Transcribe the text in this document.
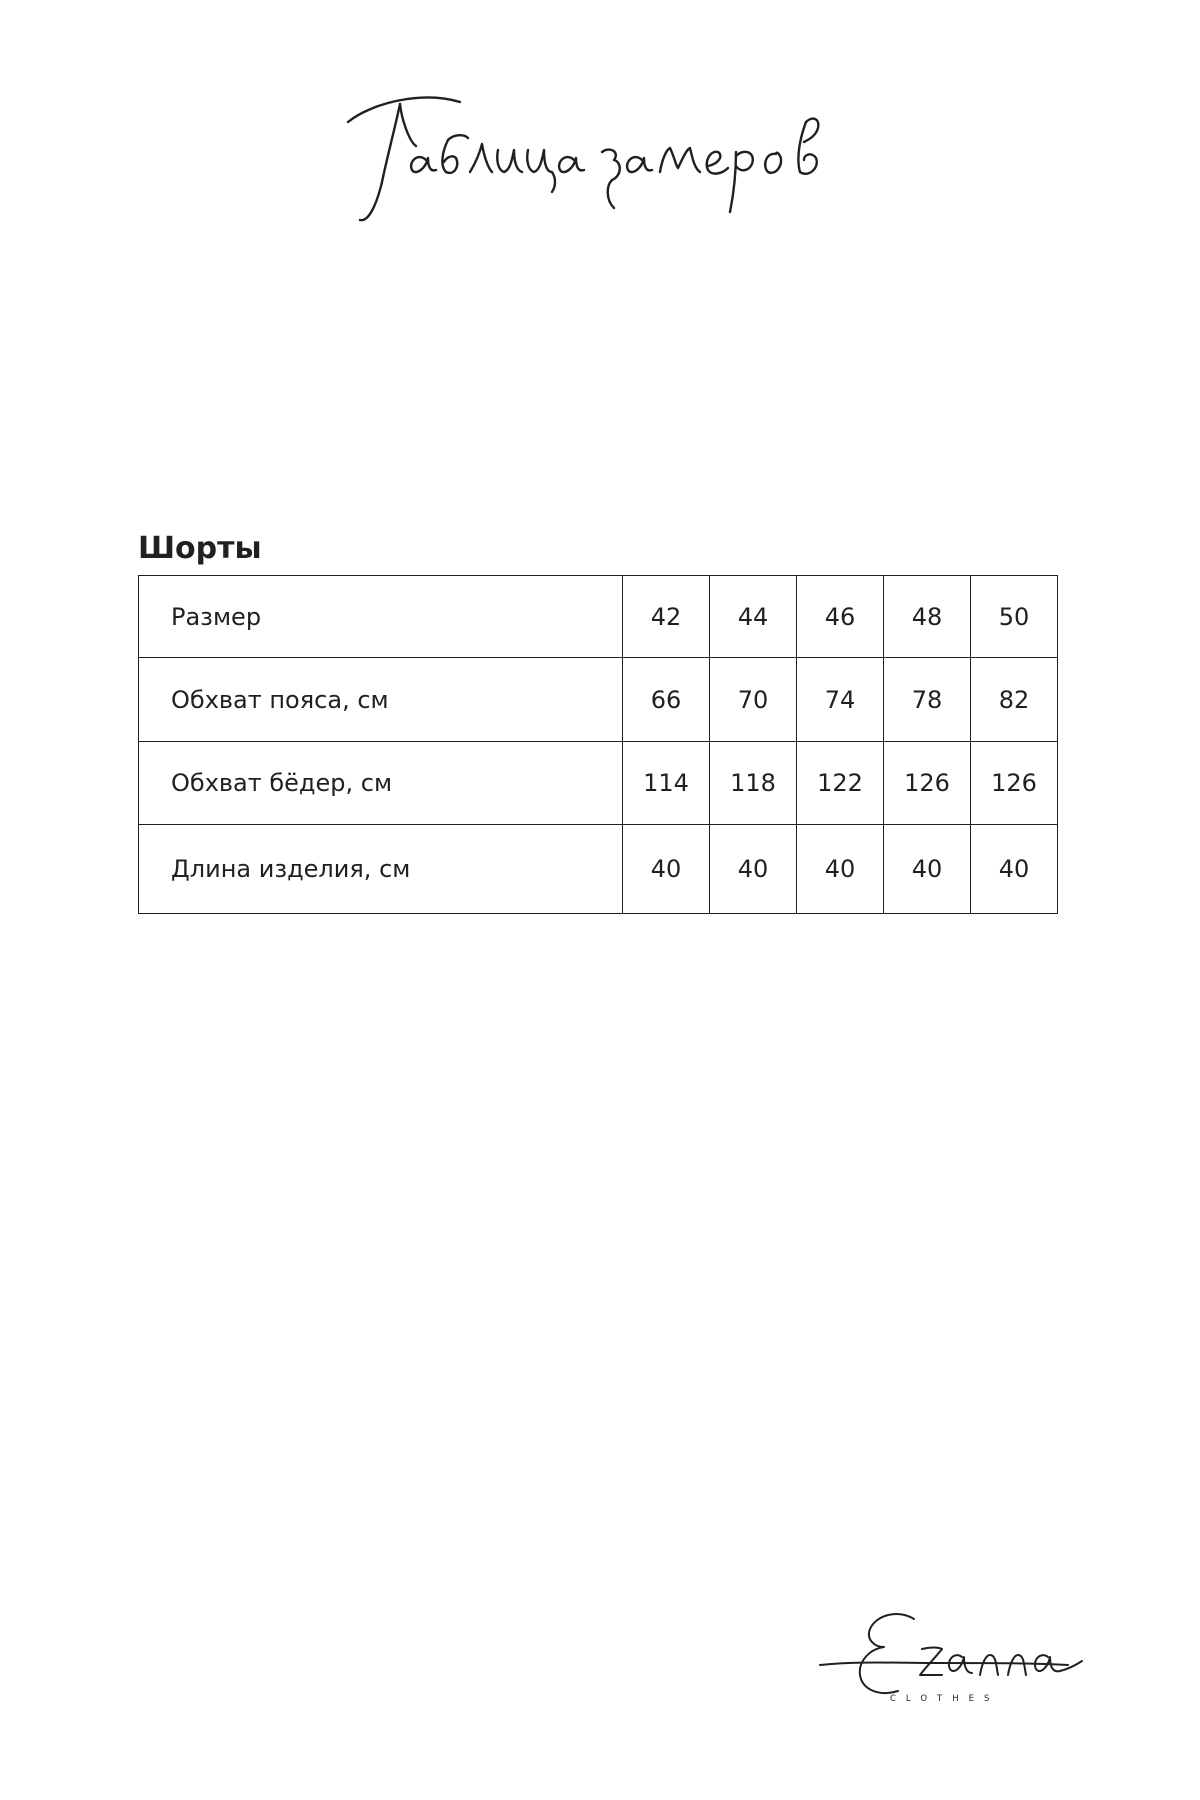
Шорты
Размер	42	44	46	48	50
Обхват пояса, см	66	70	74	78	82
Обхват бёдер, см	114	118	122	126	126
Длина изделия, см	40	40	40	40	40
CLOTHES
